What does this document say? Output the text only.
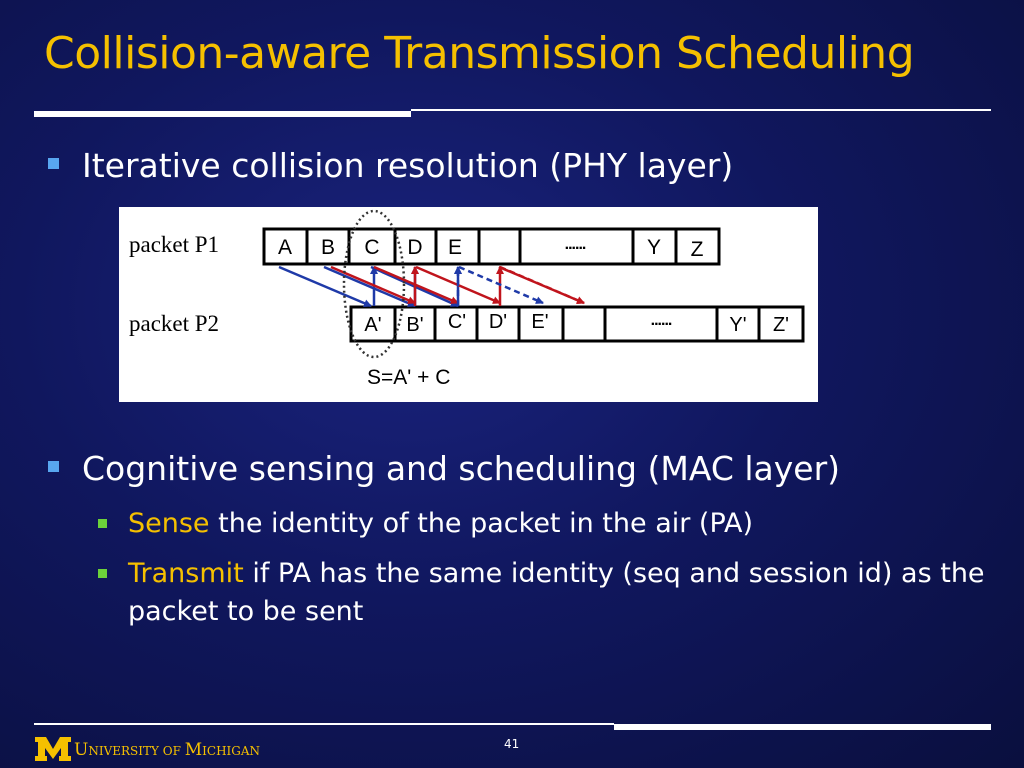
Collision-aware Transmission Scheduling
Iterative collision resolution (PHY layer)
packet P1
packet P2
A B C D E	......	Y Z
A' B' C' D' E'	......	Y' Z'
S=A' + C
Cognitive sensing and scheduling (MAC layer)
Sense the identity of the packet in the air (PA)
Transmit if PA has the same identity (seq and session id) as the packet to be sent
UNIVERSITY OF MICHIGAN	41
